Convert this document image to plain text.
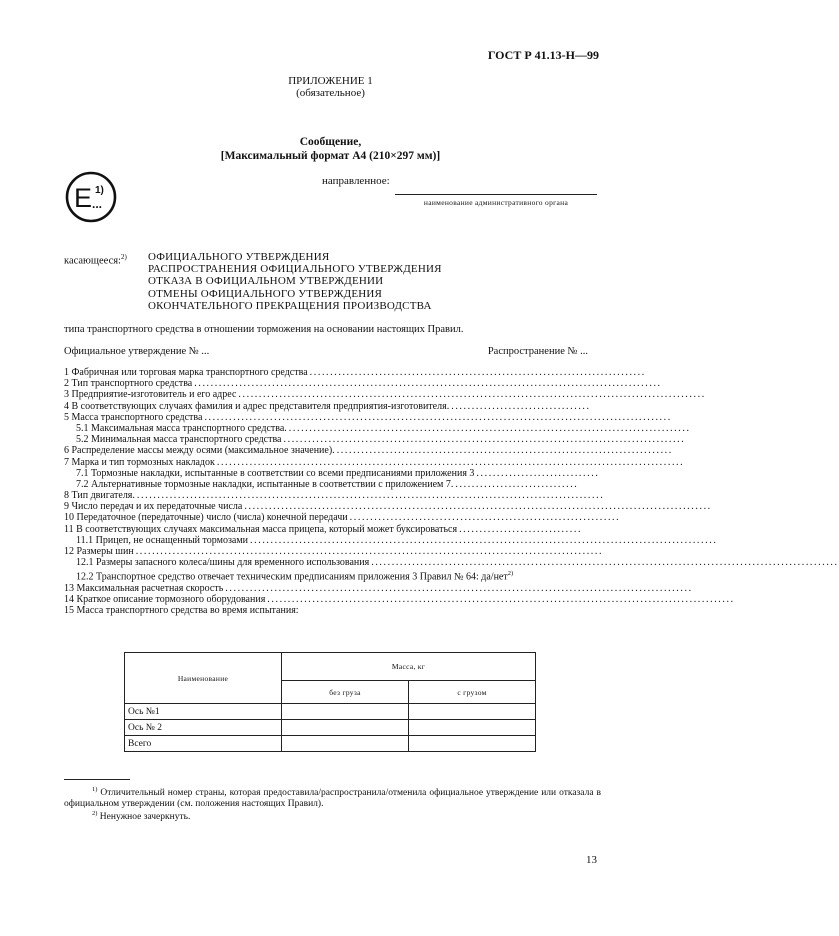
ГОСТ Р 41.13-Н—99
ПРИЛОЖЕНИЕ 1
(обязательное)
Сообщение,
[Максимальный формат А4 (210×297 мм)]
E ...
1)
направленное:
наименование административного органа
касающееся:$^{2)}$ ОФИЦИАЛЬНОГО УТВЕРЖДЕНИЯ
РАСПРОСТРАНЕНИЯ ОФИЦИАЛЬНОГО УТВЕРЖДЕНИЯ
ОТКАЗА В ОФИЦИАЛЬНОМ УТВЕРЖДЕНИИ
ОТМЕНЫ ОФИЦИАЛЬНОГО УТВЕРЖДЕНИЯ
ОКОНЧАТЕЛЬНОГО ПРЕКРАЩЕНИЯ ПРОИЗВОДСТВА
типа транспортного средства в отношении торможения на основании настоящих Правил.
Официальное утверждение № ...	Распространение № ...
1 Фабричная или торговая марка транспортного средства ..................................................................................
2 Тип транспортного средства ..................................................................................................................
3 Предприятие-изготовитель и его адрес ..................................................................................................................
4 В соответствующих случаях фамилия и адрес представителя предприятия-изготовителя. ..................................
5 Масса транспортного средства ..................................................................................................................
5.1 Максимальная масса транспортного средства. ..................................................................................................
5.2 Минимальная масса транспортного средства ..................................................................................................
6 Распределение массы между осями (максимальное значение). ..................................................................................
7 Марка и тип тормозных накладок ..................................................................................................................
7.1 Тормозные накладки, испытанные в соответствии со всеми предписаниями приложения 3 ..............................
7.2 Альтернативные тормозные накладки, испытанные в соответствии с приложением 7. ..............................
8 Тип двигателя. ..................................................................................................................
9 Число передач и их передаточные числа ..................................................................................................................
10 Передаточное (передаточные) число (числа) конечной передачи ..................................................................
11 В соответствующих случаях максимальная масса прицепа, который может буксироваться ..............................
11.1 Прицеп, не оснащенный тормозами ..................................................................................................................
12 Размеры шин ..................................................................................................................
12.1 Размеры запасного колеса/шины для временного использования ..................................................................................................................
12.2 Транспортное средство отвечает техническим предписаниям приложения 3 Правил № 64: да/нет$^{2)}$
13 Максимальная расчетная скорость ..................................................................................................................
14 Краткое описание тормозного оборудования ..................................................................................................................
15 Масса транспортного средства во время испытания:
Наименование	Масса, кг	
	без груза	с грузом
Ось №1		
Ось № 2		
Всего		
$^{1)}$ Отличительный номер страны, которая предоставила/распространила/отменила официальное утверждение или отказала в официальном утверждении (см. положения настоящих Правил).
$^{2)}$ Ненужное зачеркнуть.
13
